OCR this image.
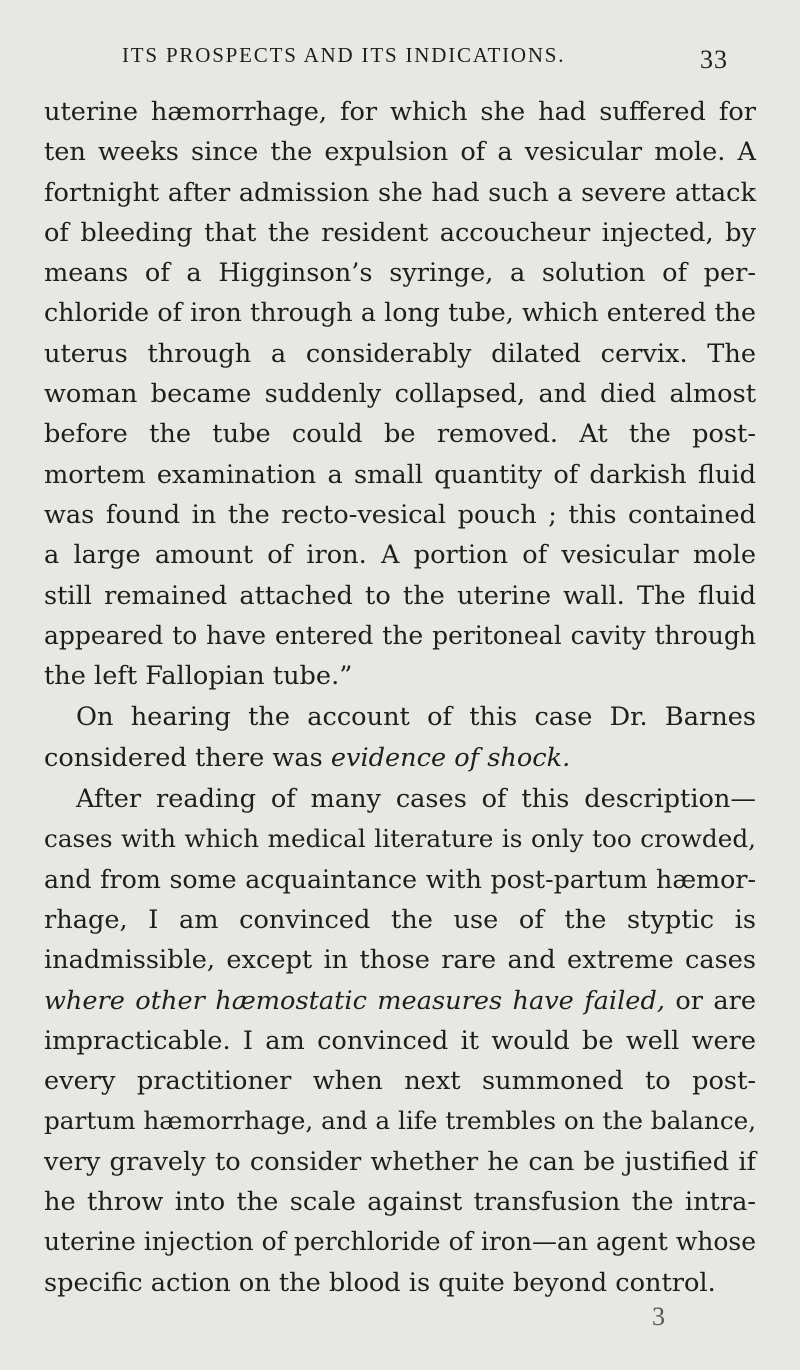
ITS PROSPECTS AND ITS INDICATIONS.	33
uterine hæmorrhage, for which she had suffered for
ten weeks since the expulsion of a vesicular mole. A
fortnight after admission she had such a severe attack
of bleeding that the resident accoucheur injected, by
means of a Higginson’s syringe, a solution of per-
chloride of iron through a long tube, which entered the
uterus through a considerably dilated cervix. The
woman became suddenly collapsed, and died almost
before the tube could be removed. At the post-
mortem examination a small quantity of darkish fluid
was found in the recto-vesical pouch ; this contained
a large amount of iron. A portion of vesicular mole
still remained attached to the uterine wall. The fluid
appeared to have entered the peritoneal cavity through
the left Fallopian tube.”
On hearing the account of this case Dr. Barnes
considered there was evidence of shock.
After reading of many cases of this description—
cases with which medical literature is only too crowded,
and from some acquaintance with post-partum hæmor-
rhage, I am convinced the use of the styptic is
inadmissible, except in those rare and extreme cases
where other hæmostatic measures have failed, or are
impracticable. I am convinced it would be well were
every practitioner when next summoned to post-
partum hæmorrhage, and a life trembles on the balance,
very gravely to consider whether he can be justified if
he throw into the scale against transfusion the intra-
uterine injection of perchloride of iron—an agent whose
specific action on the blood is quite beyond control.
3
